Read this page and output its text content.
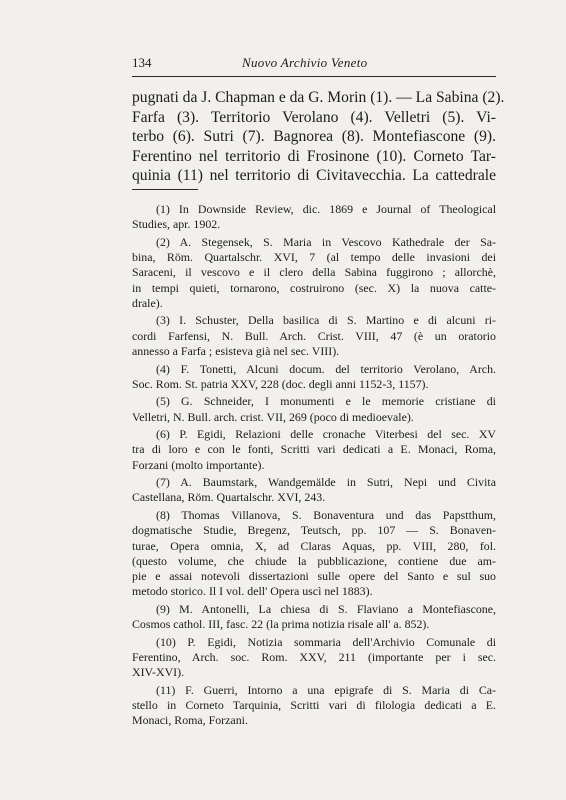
134	Nuovo Archivio Veneto
pugnati da J. Chapman e da G. Morin (1). — La Sabina (2).
Farfa (3). Territorio Verolano (4). Velletri (5). Vi-
terbo (6). Sutri (7). Bagnorea (8). Montefiascone (9).
Ferentino nel territorio di Frosinone (10). Corneto Tar-
quinia (11) nel territorio di Civitavecchia. La cattedrale
(1) In Downside Review, dic. 1869 e Journal of Theological
Studies, apr. 1902.
(2) A. Stegensek, S. Maria in Vescovo Kathedrale der Sa-
bina, Röm. Quartalschr. XVI, 7 (al tempo delle invasioni dei
Saraceni, il vescovo e il clero della Sabina fuggirono ; allorchè,
in tempi quieti, tornarono, costruirono (sec. X) la nuova catte-
drale).
(3) I. Schuster, Della basilica di S. Martino e di alcuni ri-
cordi Farfensi, N. Bull. Arch. Crist. VIII, 47 (è un oratorio
annesso a Farfa ; esisteva già nel sec. VIII).
(4) F. Tonetti, Alcuni docum. del territorio Verolano, Arch.
Soc. Rom. St. patria XXV, 228 (doc. degli anni 1152-3, 1157).
(5) G. Schneider, I monumenti e le memorie cristiane di
Velletri, N. Bull. arch. crist. VII, 269 (poco di medioevale).
(6) P. Egidi, Relazioni delle cronache Viterbesi del sec. XV
tra di loro e con le fonti, Scritti vari dedicati a E. Monaci, Roma,
Forzani (molto importante).
(7) A. Baumstark, Wandgemälde in Sutri, Nepi und Civita
Castellana, Röm. Quartalschr. XVI, 243.
(8) Thomas Villanova, S. Bonaventura und das Papstthum,
dogmatische Studie, Bregenz, Teutsch, pp. 107 — S. Bonaven-
turae, Opera omnia, X, ad Claras Aquas, pp. VIII, 280, fol.
(questo volume, che chiude la pubblicazione, contiene due am-
pie e assai notevoli dissertazioni sulle opere del Santo e sul suo
metodo storico. Il I vol. dell' Opera uscì nel 1883).
(9) M. Antonelli, La chiesa di S. Flaviano a Montefiascone,
Cosmos cathol. III, fasc. 22 (la prima notizia risale all' a. 852).
(10) P. Egidi, Notizia sommaria dell'Archivio Comunale di
Ferentino, Arch. soc. Rom. XXV, 211 (importante per i sec.
XIV-XVI).
(11) F. Guerri, Intorno a una epigrafe di S. Maria di Ca-
stello in Corneto Tarquinia, Scritti vari di filologia dedicati a E.
Monaci, Roma, Forzani.
